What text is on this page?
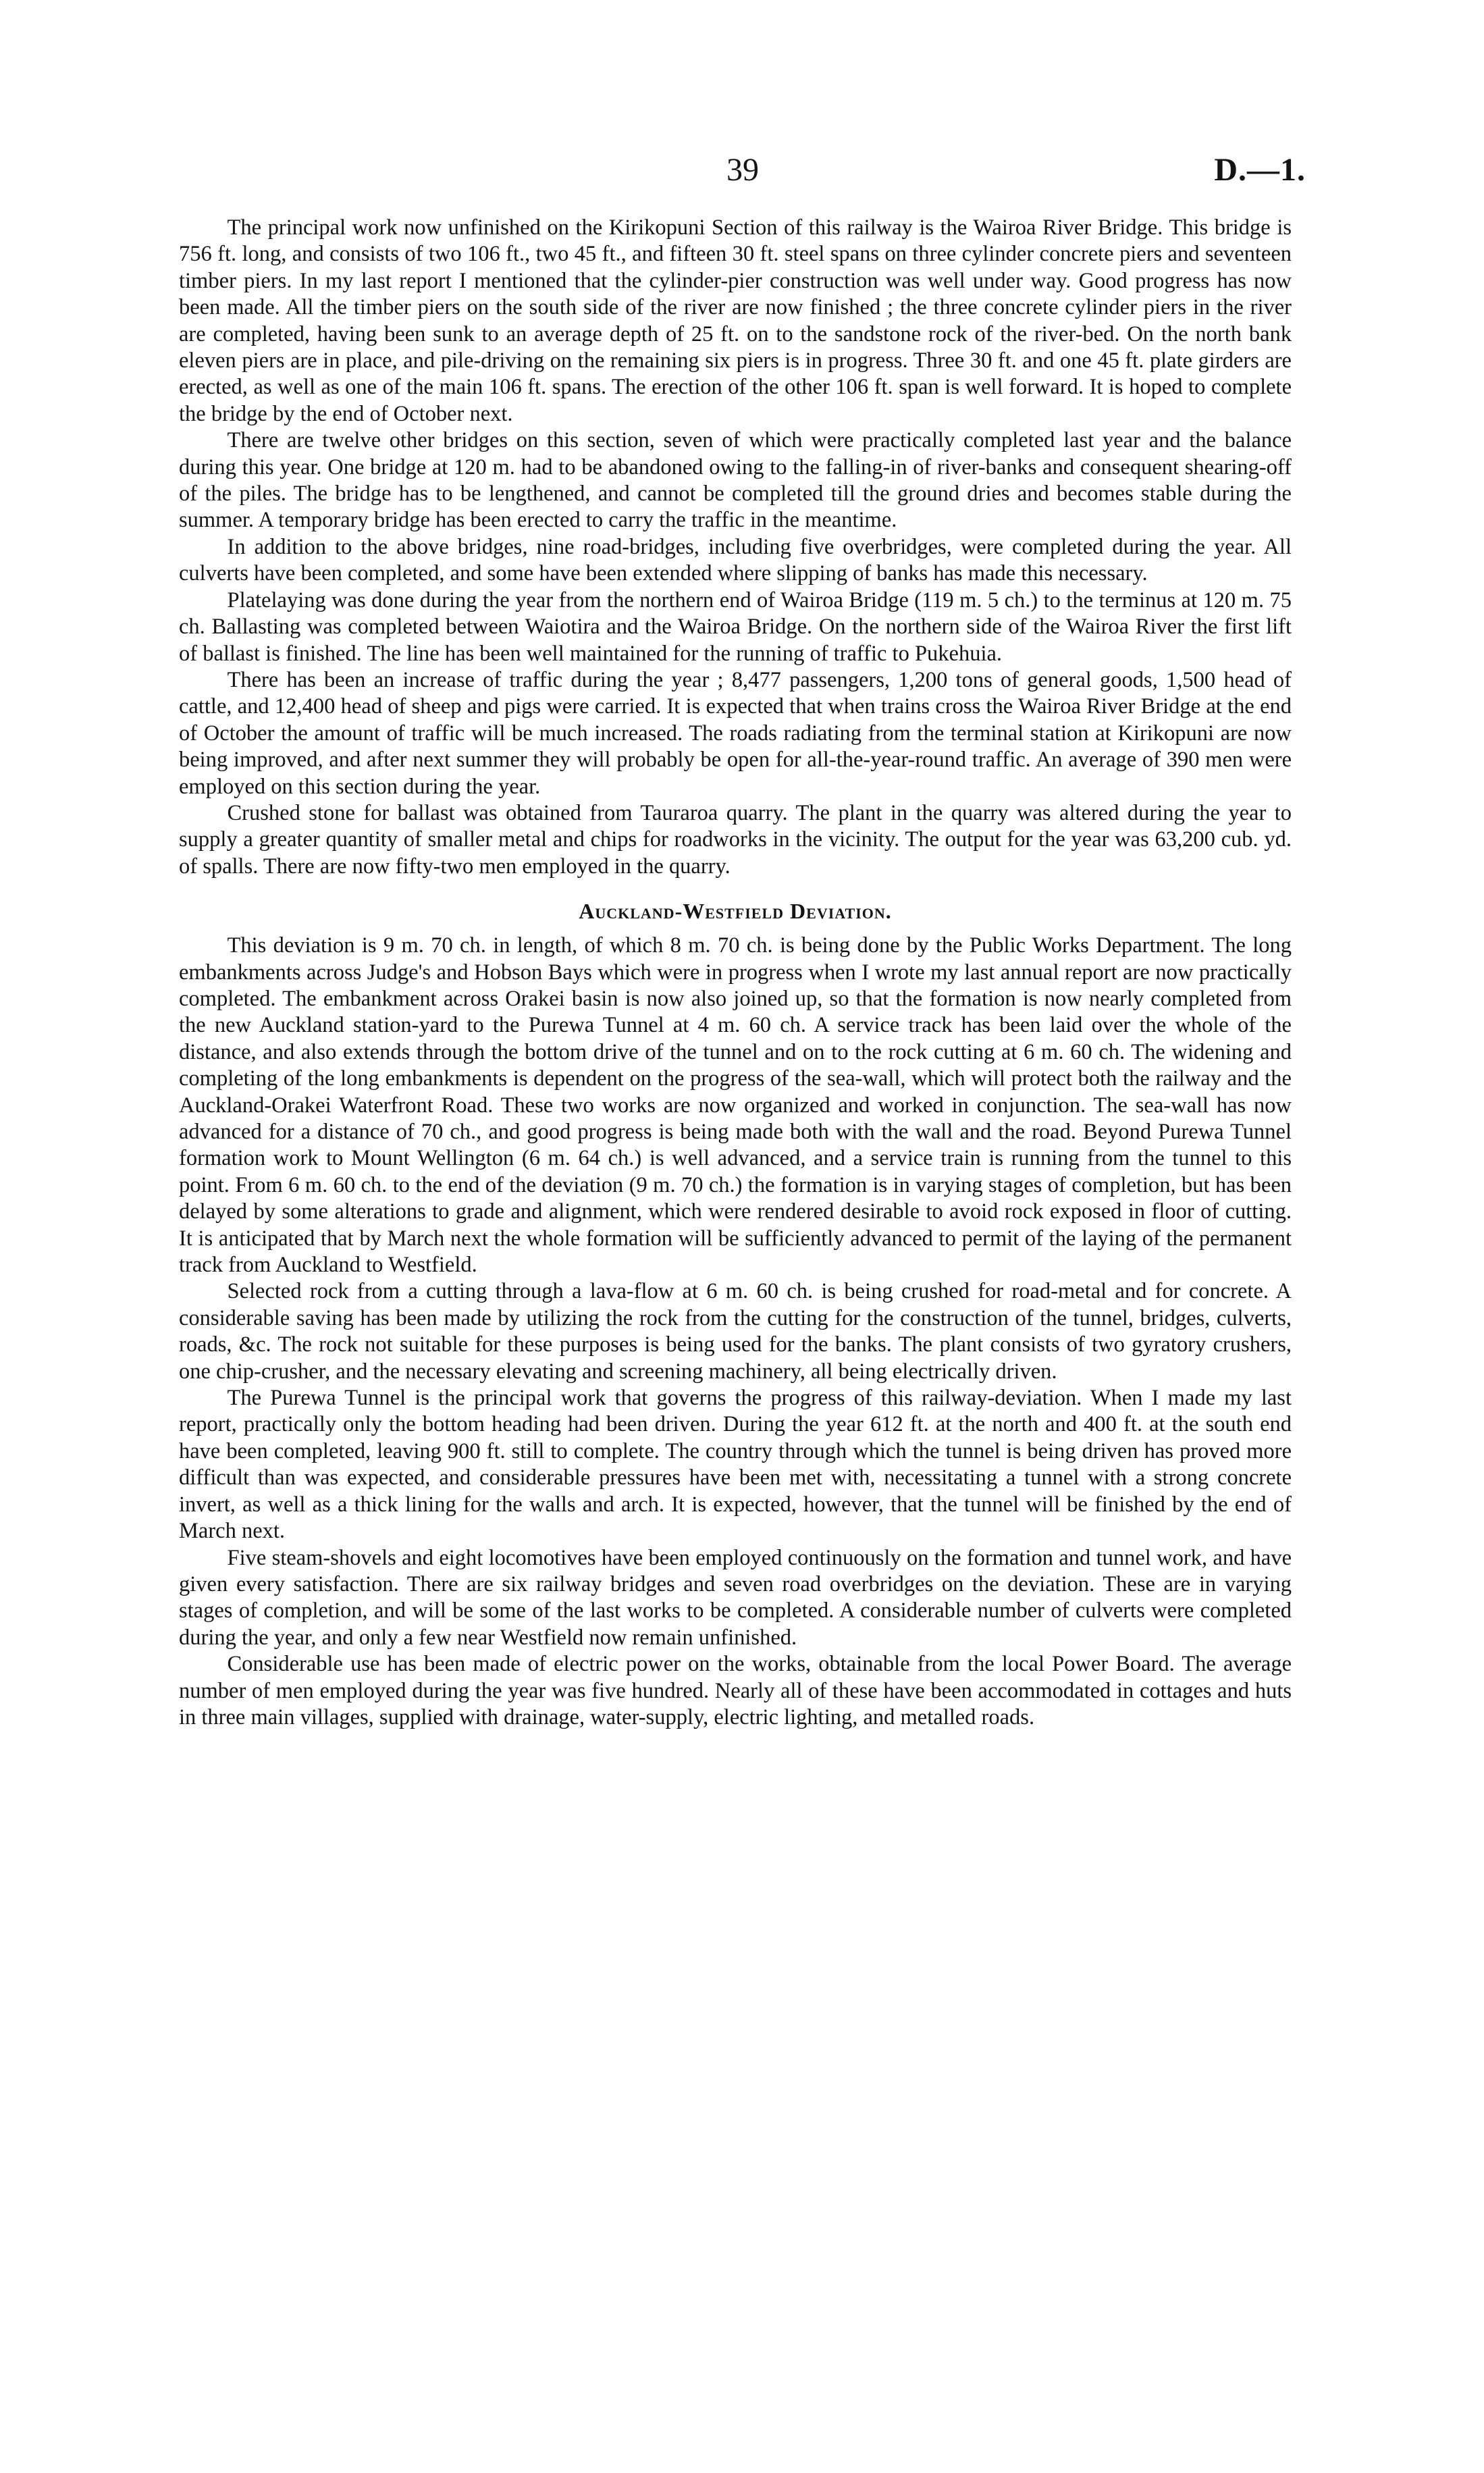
39	D.—1.

The principal work now unfinished on the Kirikopuni Section of this railway is the Wairoa River Bridge. This bridge is 756 ft. long, and consists of two 106 ft., two 45 ft., and fifteen 30 ft. steel spans on three cylinder concrete piers and seventeen timber piers. In my last report I mentioned that the cylinder-pier construction was well under way. Good progress has now been made. All the timber piers on the south side of the river are now finished ; the three concrete cylinder piers in the river are completed, having been sunk to an average depth of 25 ft. on to the sandstone rock of the river-bed. On the north bank eleven piers are in place, and pile-driving on the remaining six piers is in progress. Three 30 ft. and one 45 ft. plate girders are erected, as well as one of the main 106 ft. spans. The erection of the other 106 ft. span is well forward. It is hoped to complete the bridge by the end of October next.

There are twelve other bridges on this section, seven of which were practically completed last year and the balance during this year. One bridge at 120 m. had to be abandoned owing to the falling-in of river-banks and consequent shearing-off of the piles. The bridge has to be lengthened, and cannot be completed till the ground dries and becomes stable during the summer. A temporary bridge has been erected to carry the traffic in the meantime.

In addition to the above bridges, nine road-bridges, including five overbridges, were completed during the year. All culverts have been completed, and some have been extended where slipping of banks has made this necessary.

Platelaying was done during the year from the northern end of Wairoa Bridge (119 m. 5 ch.) to the terminus at 120 m. 75 ch. Ballasting was completed between Waiotira and the Wairoa Bridge. On the northern side of the Wairoa River the first lift of ballast is finished. The line has been well maintained for the running of traffic to Pukehuia.

There has been an increase of traffic during the year ; 8,477 passengers, 1,200 tons of general goods, 1,500 head of cattle, and 12,400 head of sheep and pigs were carried. It is expected that when trains cross the Wairoa River Bridge at the end of October the amount of traffic will be much increased. The roads radiating from the terminal station at Kirikopuni are now being improved, and after next summer they will probably be open for all-the-year-round traffic. An average of 390 men were employed on this section during the year.

Crushed stone for ballast was obtained from Tauraroa quarry. The plant in the quarry was altered during the year to supply a greater quantity of smaller metal and chips for roadworks in the vicinity. The output for the year was 63,200 cub. yd. of spalls. There are now fifty-two men employed in the quarry.

Auckland-Westfield Deviation.

This deviation is 9 m. 70 ch. in length, of which 8 m. 70 ch. is being done by the Public Works Department. The long embankments across Judge's and Hobson Bays which were in progress when I wrote my last annual report are now practically completed. The embankment across Orakei basin is now also joined up, so that the formation is now nearly completed from the new Auckland station-yard to the Purewa Tunnel at 4 m. 60 ch. A service track has been laid over the whole of the distance, and also extends through the bottom drive of the tunnel and on to the rock cutting at 6 m. 60 ch. The widening and completing of the long embankments is dependent on the progress of the sea-wall, which will protect both the railway and the Auckland-Orakei Waterfront Road. These two works are now organized and worked in conjunction. The sea-wall has now advanced for a distance of 70 ch., and good progress is being made both with the wall and the road. Beyond Purewa Tunnel formation work to Mount Wellington (6 m. 64 ch.) is well advanced, and a service train is running from the tunnel to this point. From 6 m. 60 ch. to the end of the deviation (9 m. 70 ch.) the formation is in varying stages of completion, but has been delayed by some alterations to grade and alignment, which were rendered desirable to avoid rock exposed in floor of cutting. It is anticipated that by March next the whole formation will be sufficiently advanced to permit of the laying of the permanent track from Auckland to Westfield.

Selected rock from a cutting through a lava-flow at 6 m. 60 ch. is being crushed for road-metal and for concrete. A considerable saving has been made by utilizing the rock from the cutting for the construction of the tunnel, bridges, culverts, roads, &c. The rock not suitable for these purposes is being used for the banks. The plant consists of two gyratory crushers, one chip-crusher, and the necessary elevating and screening machinery, all being electrically driven.

The Purewa Tunnel is the principal work that governs the progress of this railway-deviation. When I made my last report, practically only the bottom heading had been driven. During the year 612 ft. at the north and 400 ft. at the south end have been completed, leaving 900 ft. still to complete. The country through which the tunnel is being driven has proved more difficult than was expected, and considerable pressures have been met with, necessitating a tunnel with a strong concrete invert, as well as a thick lining for the walls and arch. It is expected, however, that the tunnel will be finished by the end of March next.

Five steam-shovels and eight locomotives have been employed continuously on the formation and tunnel work, and have given every satisfaction. There are six railway bridges and seven road overbridges on the deviation. These are in varying stages of completion, and will be some of the last works to be completed. A considerable number of culverts were completed during the year, and only a few near Westfield now remain unfinished.

Considerable use has been made of electric power on the works, obtainable from the local Power Board. The average number of men employed during the year was five hundred. Nearly all of these have been accommodated in cottages and huts in three main villages, supplied with drainage, water-supply, electric lighting, and metalled roads.
